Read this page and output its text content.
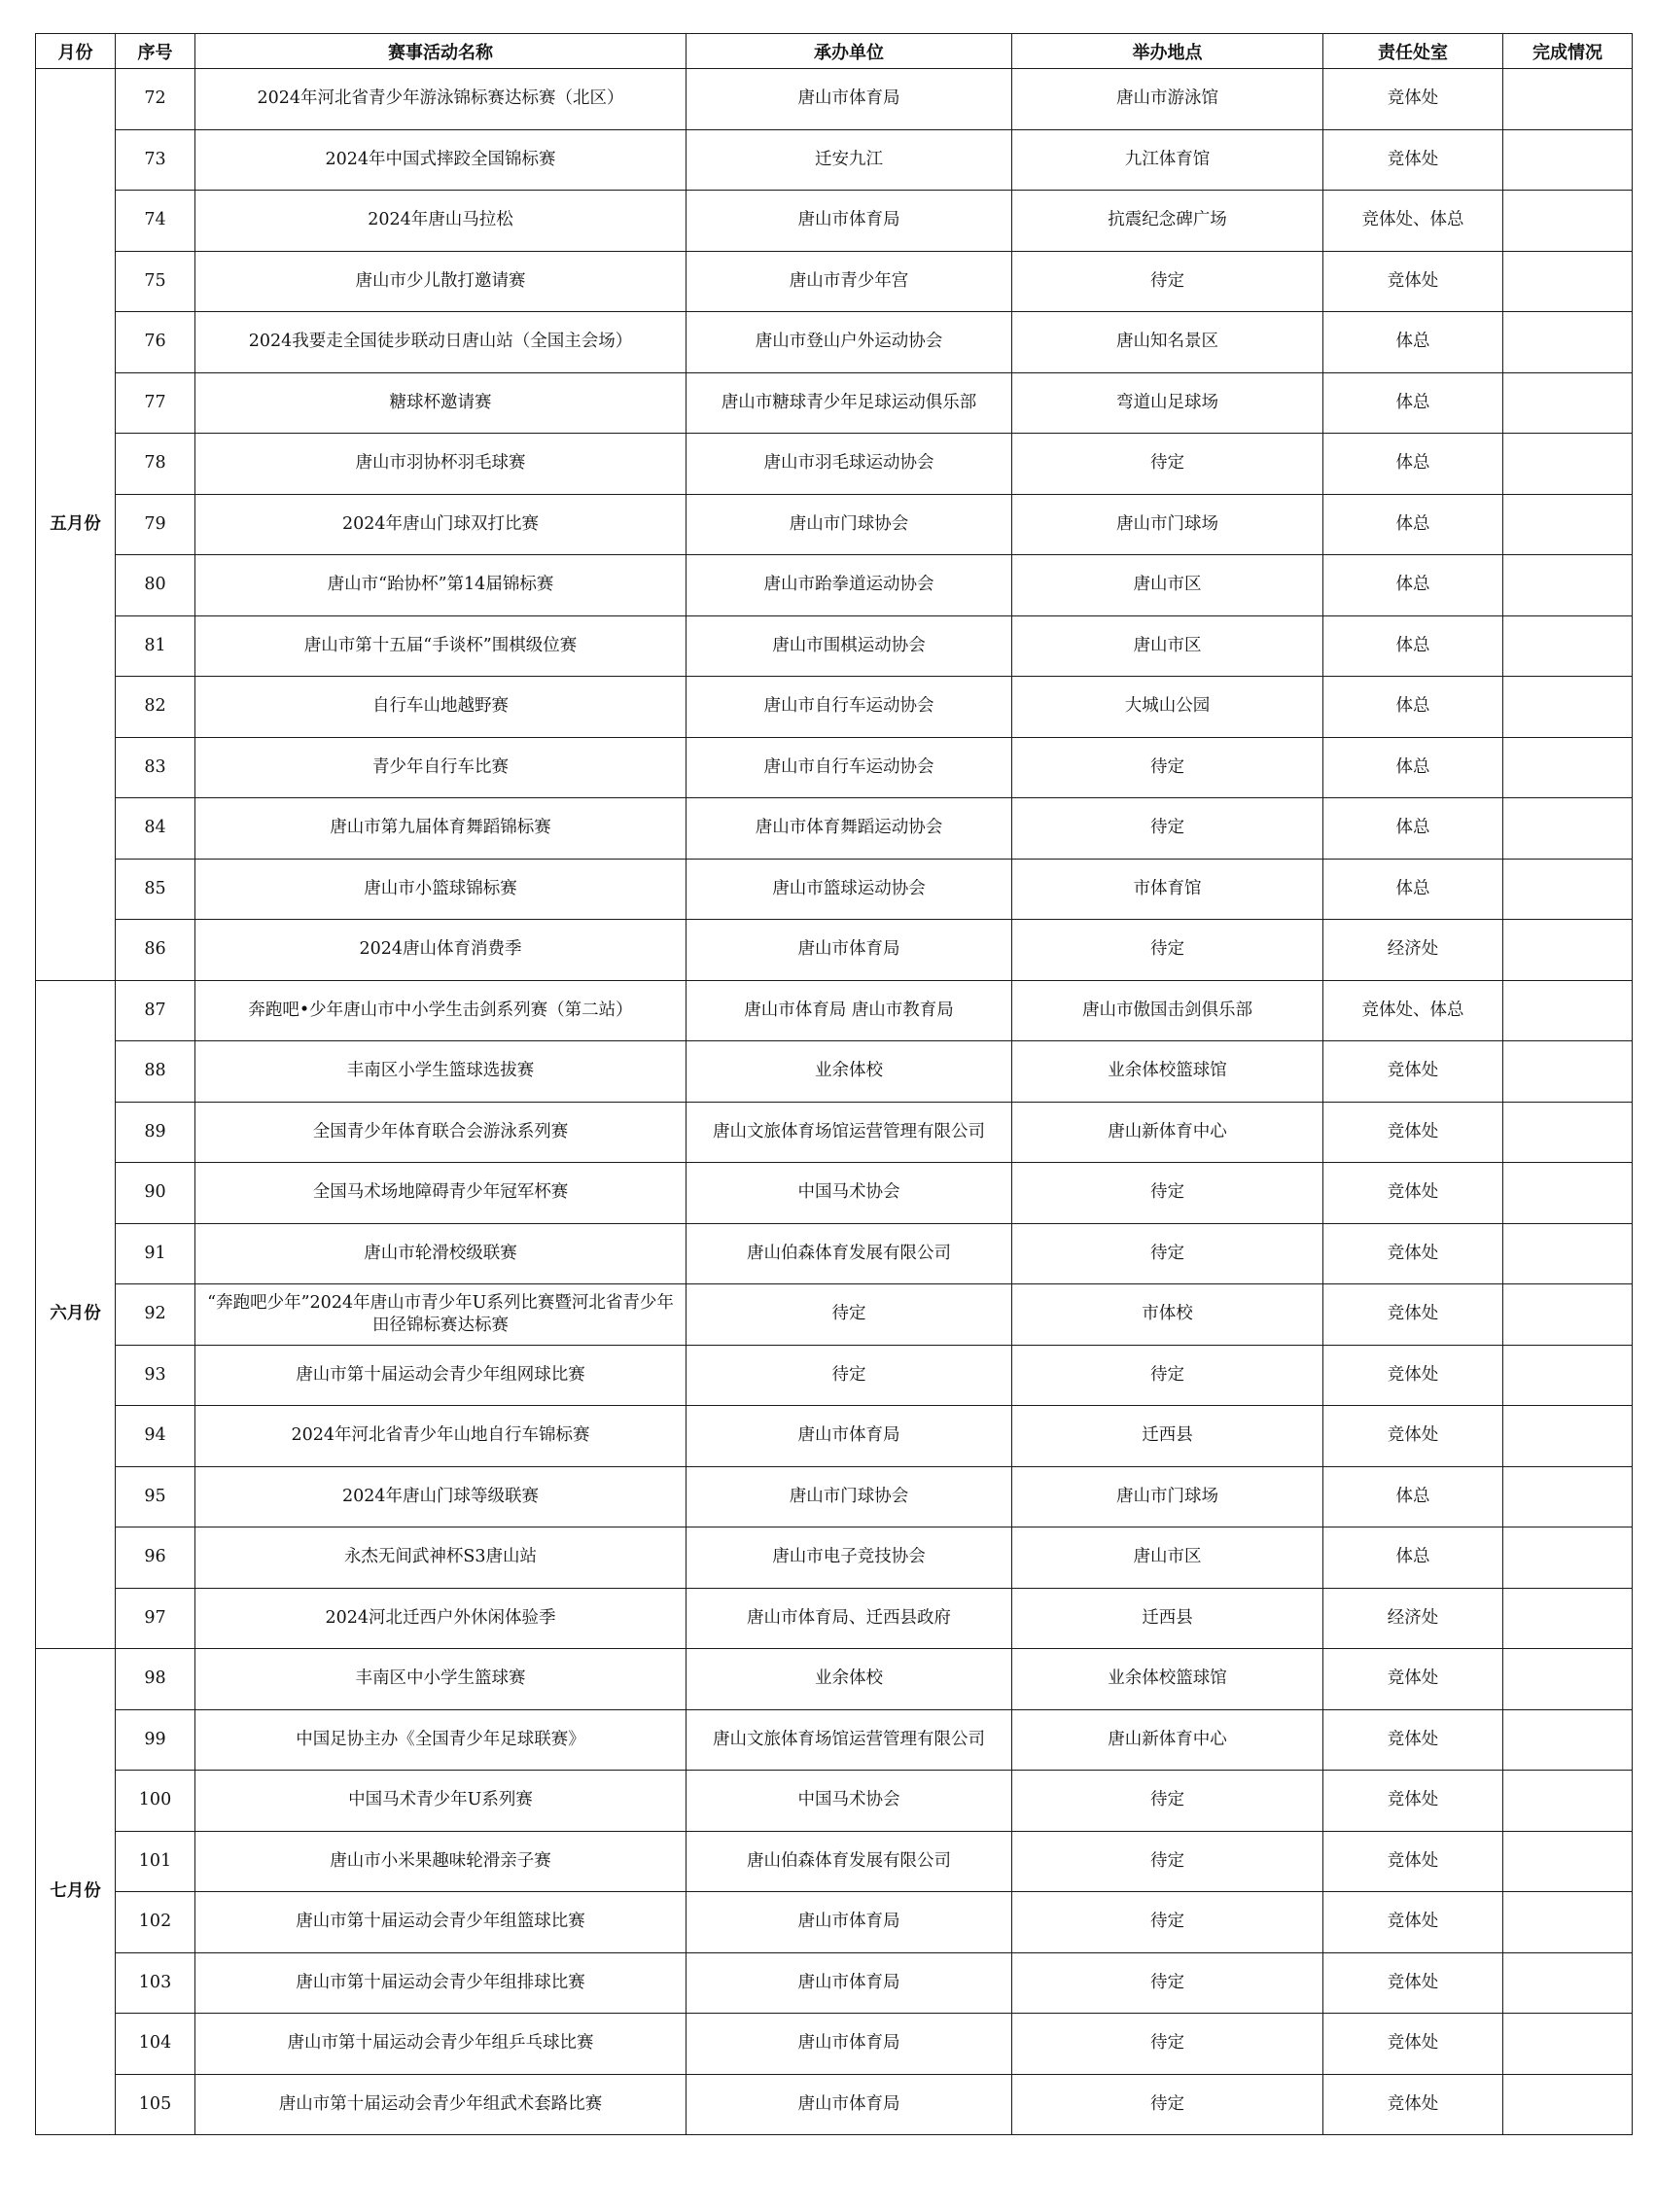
月份	序号	赛事活动名称	承办单位	举办地点	责任处室	完成情况
五月份	72	2024年河北省青少年游泳锦标赛达标赛（北区）	唐山市体育局	唐山市游泳馆	竞体处	
	73	2024年中国式摔跤全国锦标赛	迁安九江	九江体育馆	竞体处	
	74	2024年唐山马拉松	唐山市体育局	抗震纪念碑广场	竞体处、体总	
	75	唐山市少儿散打邀请赛	唐山市青少年宫	待定	竞体处	
	76	2024我要走全国徒步联动日唐山站（全国主会场）	唐山市登山户外运动协会	唐山知名景区	体总	
	77	糖球杯邀请赛	唐山市糖球青少年足球运动俱乐部	弯道山足球场	体总	
	78	唐山市羽协杯羽毛球赛	唐山市羽毛球运动协会	待定	体总	
	79	2024年唐山门球双打比赛	唐山市门球协会	唐山市门球场	体总	
	80	唐山市“跆协杯”第14届锦标赛	唐山市跆拳道运动协会	唐山市区	体总	
	81	唐山市第十五届“手谈杯”围棋级位赛	唐山市围棋运动协会	唐山市区	体总	
	82	自行车山地越野赛	唐山市自行车运动协会	大城山公园	体总	
	83	青少年自行车比赛	唐山市自行车运动协会	待定	体总	
	84	唐山市第九届体育舞蹈锦标赛	唐山市体育舞蹈运动协会	待定	体总	
	85	唐山市小篮球锦标赛	唐山市篮球运动协会	市体育馆	体总	
	86	2024唐山体育消费季	唐山市体育局	待定	经济处	
六月份	87	奔跑吧•少年唐山市中小学生击剑系列赛（第二站）	唐山市体育局 唐山市教育局	唐山市傲国击剑俱乐部	竞体处、体总	
	88	丰南区小学生篮球选拔赛	业余体校	业余体校篮球馆	竞体处	
	89	全国青少年体育联合会游泳系列赛	唐山文旅体育场馆运营管理有限公司	唐山新体育中心	竞体处	
	90	全国马术场地障碍青少年冠军杯赛	中国马术协会	待定	竞体处	
	91	唐山市轮滑校级联赛	唐山伯森体育发展有限公司	待定	竞体处	
	92	“奔跑吧少年”2024年唐山市青少年U系列比赛暨河北省青少年田径锦标赛达标赛	待定	市体校	竞体处	
	93	唐山市第十届运动会青少年组网球比赛	待定	待定	竞体处	
	94	2024年河北省青少年山地自行车锦标赛	唐山市体育局	迁西县	竞体处	
	95	2024年唐山门球等级联赛	唐山市门球协会	唐山市门球场	体总	
	96	永杰无间武神杯S3唐山站	唐山市电子竞技协会	唐山市区	体总	
	97	2024河北迁西户外休闲体验季	唐山市体育局、迁西县政府	迁西县	经济处	
七月份	98	丰南区中小学生篮球赛	业余体校	业余体校篮球馆	竞体处	
	99	中国足协主办《全国青少年足球联赛》	唐山文旅体育场馆运营管理有限公司	唐山新体育中心	竞体处	
	100	中国马术青少年U系列赛	中国马术协会	待定	竞体处	
	101	唐山市小米果趣味轮滑亲子赛	唐山伯森体育发展有限公司	待定	竞体处	
	102	唐山市第十届运动会青少年组篮球比赛	唐山市体育局	待定	竞体处	
	103	唐山市第十届运动会青少年组排球比赛	唐山市体育局	待定	竞体处	
	104	唐山市第十届运动会青少年组乒乓球比赛	唐山市体育局	待定	竞体处	
	105	唐山市第十届运动会青少年组武术套路比赛	唐山市体育局	待定	竞体处	
